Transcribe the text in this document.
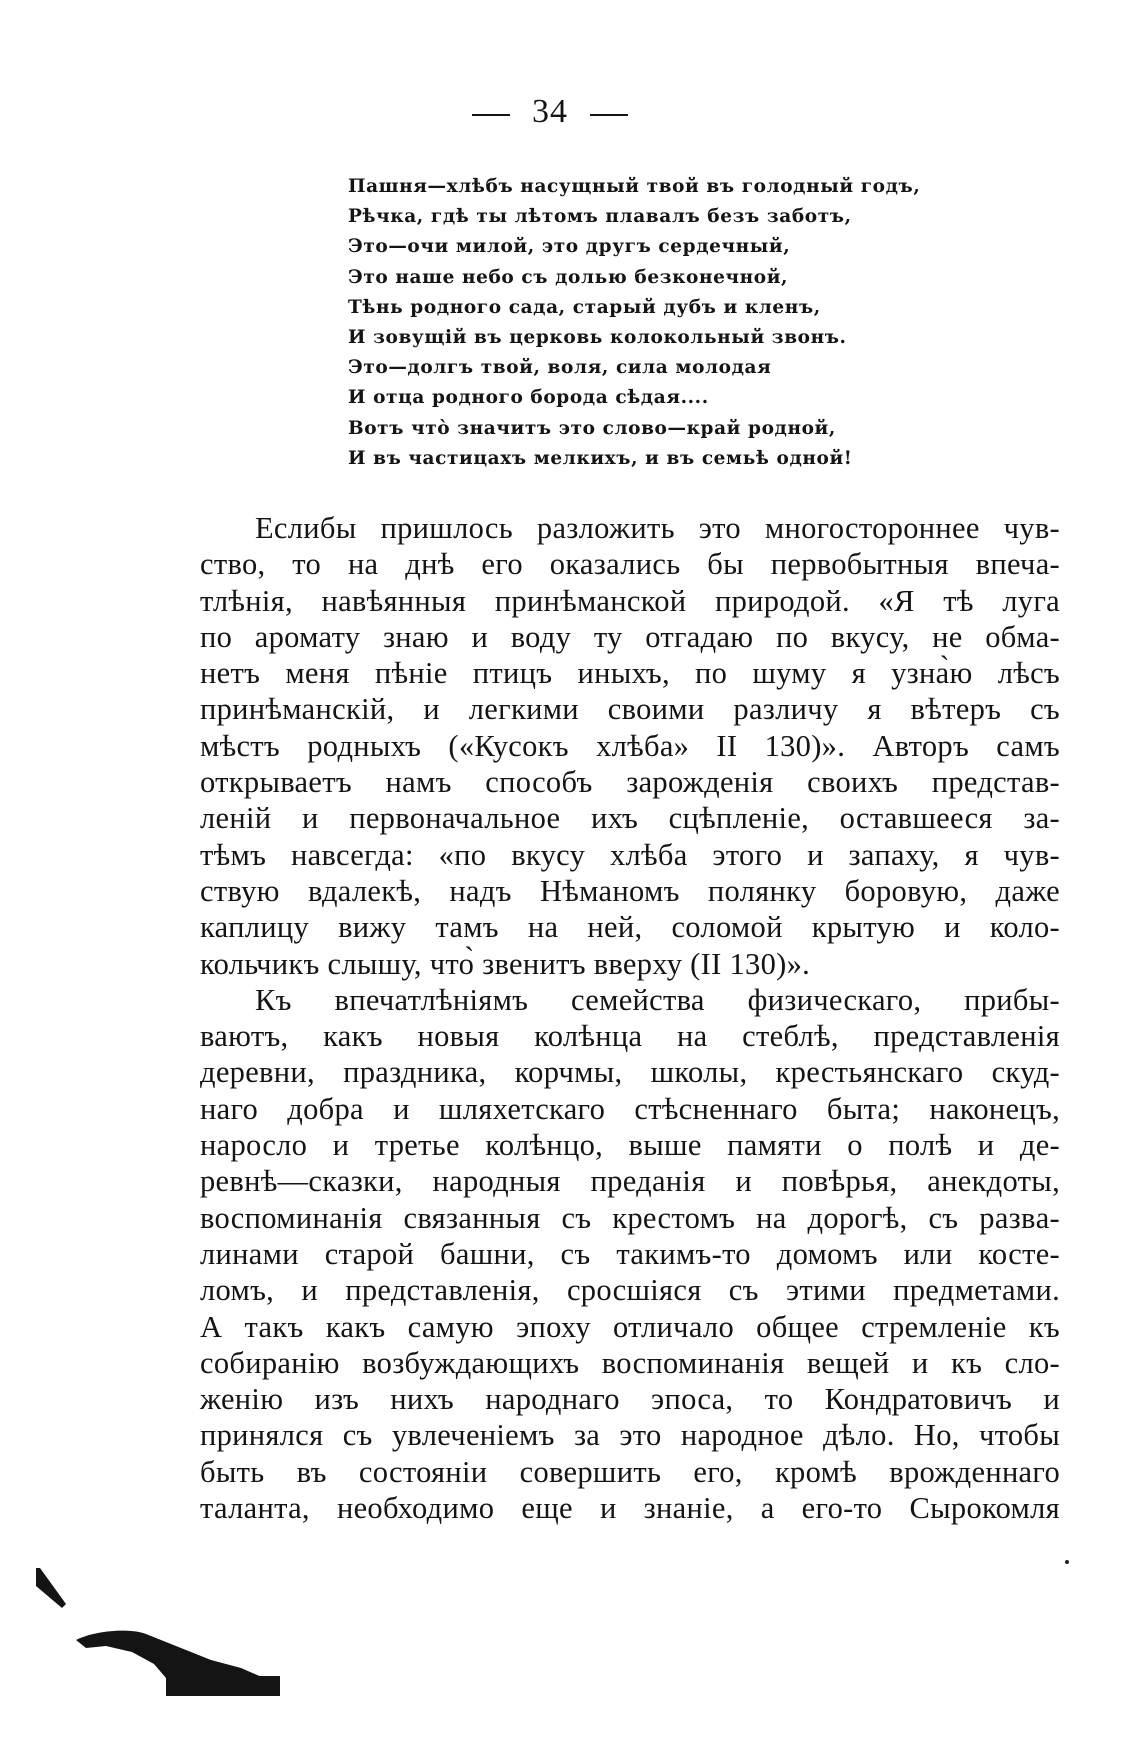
34
Пашня—хлѣбъ насущный твой въ голодный годъ,
Рѣчка, гдѣ ты лѣтомъ плавалъ безъ заботъ,
Это—очи милой, это другъ сердечный,
Это наше небо съ долью безконечной,
Тѣнь родного сада, старый дубъ и кленъ,
И зовущій въ церковь колокольный звонъ.
Это—долгъ твой, воля, сила молодая
И отца родного борода сѣдая....
Вотъ что̀ значитъ это слово—край родной,
И въ частицахъ мелкихъ, и въ семьѣ одной!
Еслибы пришлось разложить это многостороннее чув-
ство, то на днѣ его оказались бы первобытныя впеча-
тлѣнія, навѣянныя принѣманской природой. «Я тѣ луга
по аромату знаю и воду ту отгадаю по вкусу, не обма-
нетъ меня пѣніе птицъ иныхъ, по шуму я узна̀ю лѣсъ
принѣманскій, и легкими своими различу я вѣтеръ съ
мѣстъ родныхъ («Кусокъ хлѣба» II 130)». Авторъ самъ
открываетъ намъ способъ зарожденія своихъ представ-
леній и первоначальное ихъ сцѣпленіе, оставшееся за-
тѣмъ навсегда: «по вкусу хлѣба этого и запаху, я чув-
ствую вдалекѣ, надъ Нѣманомъ полянку боровую, даже
каплицу вижу тамъ на ней, соломой крытую и коло-
кольчикъ слышу, что̀ звенитъ вверху (II 130)».
Къ впечатлѣніямъ семейства физическаго, прибы-
ваютъ, какъ новыя колѣнца на стеблѣ, представленія
деревни, праздника, корчмы, школы, крестьянскаго скуд-
наго добра и шляхетскаго стѣсненнаго быта; наконецъ,
наросло и третье колѣнцо, выше памяти о полѣ и де-
ревнѣ—сказки, народныя преданія и повѣрья, анекдоты,
воспоминанія связанныя съ крестомъ на дорогѣ, съ развa-
линами старой башни, съ такимъ-то домомъ или косте-
ломъ, и представленія, сросшіяся съ этими предметами.
А такъ какъ самую эпоху отличало общее стремленіе къ
собиранію возбуждающихъ воспоминанія вещей и къ сло-
женію изъ нихъ народнаго эпоса, то Кондратовичъ и
принялся съ увлеченіемъ за это народное дѣло. Но, чтобы
быть въ состояніи совершить его, кромѣ врожденнаго
таланта, необходимо еще и знаніе, а его-то Сырокомля
